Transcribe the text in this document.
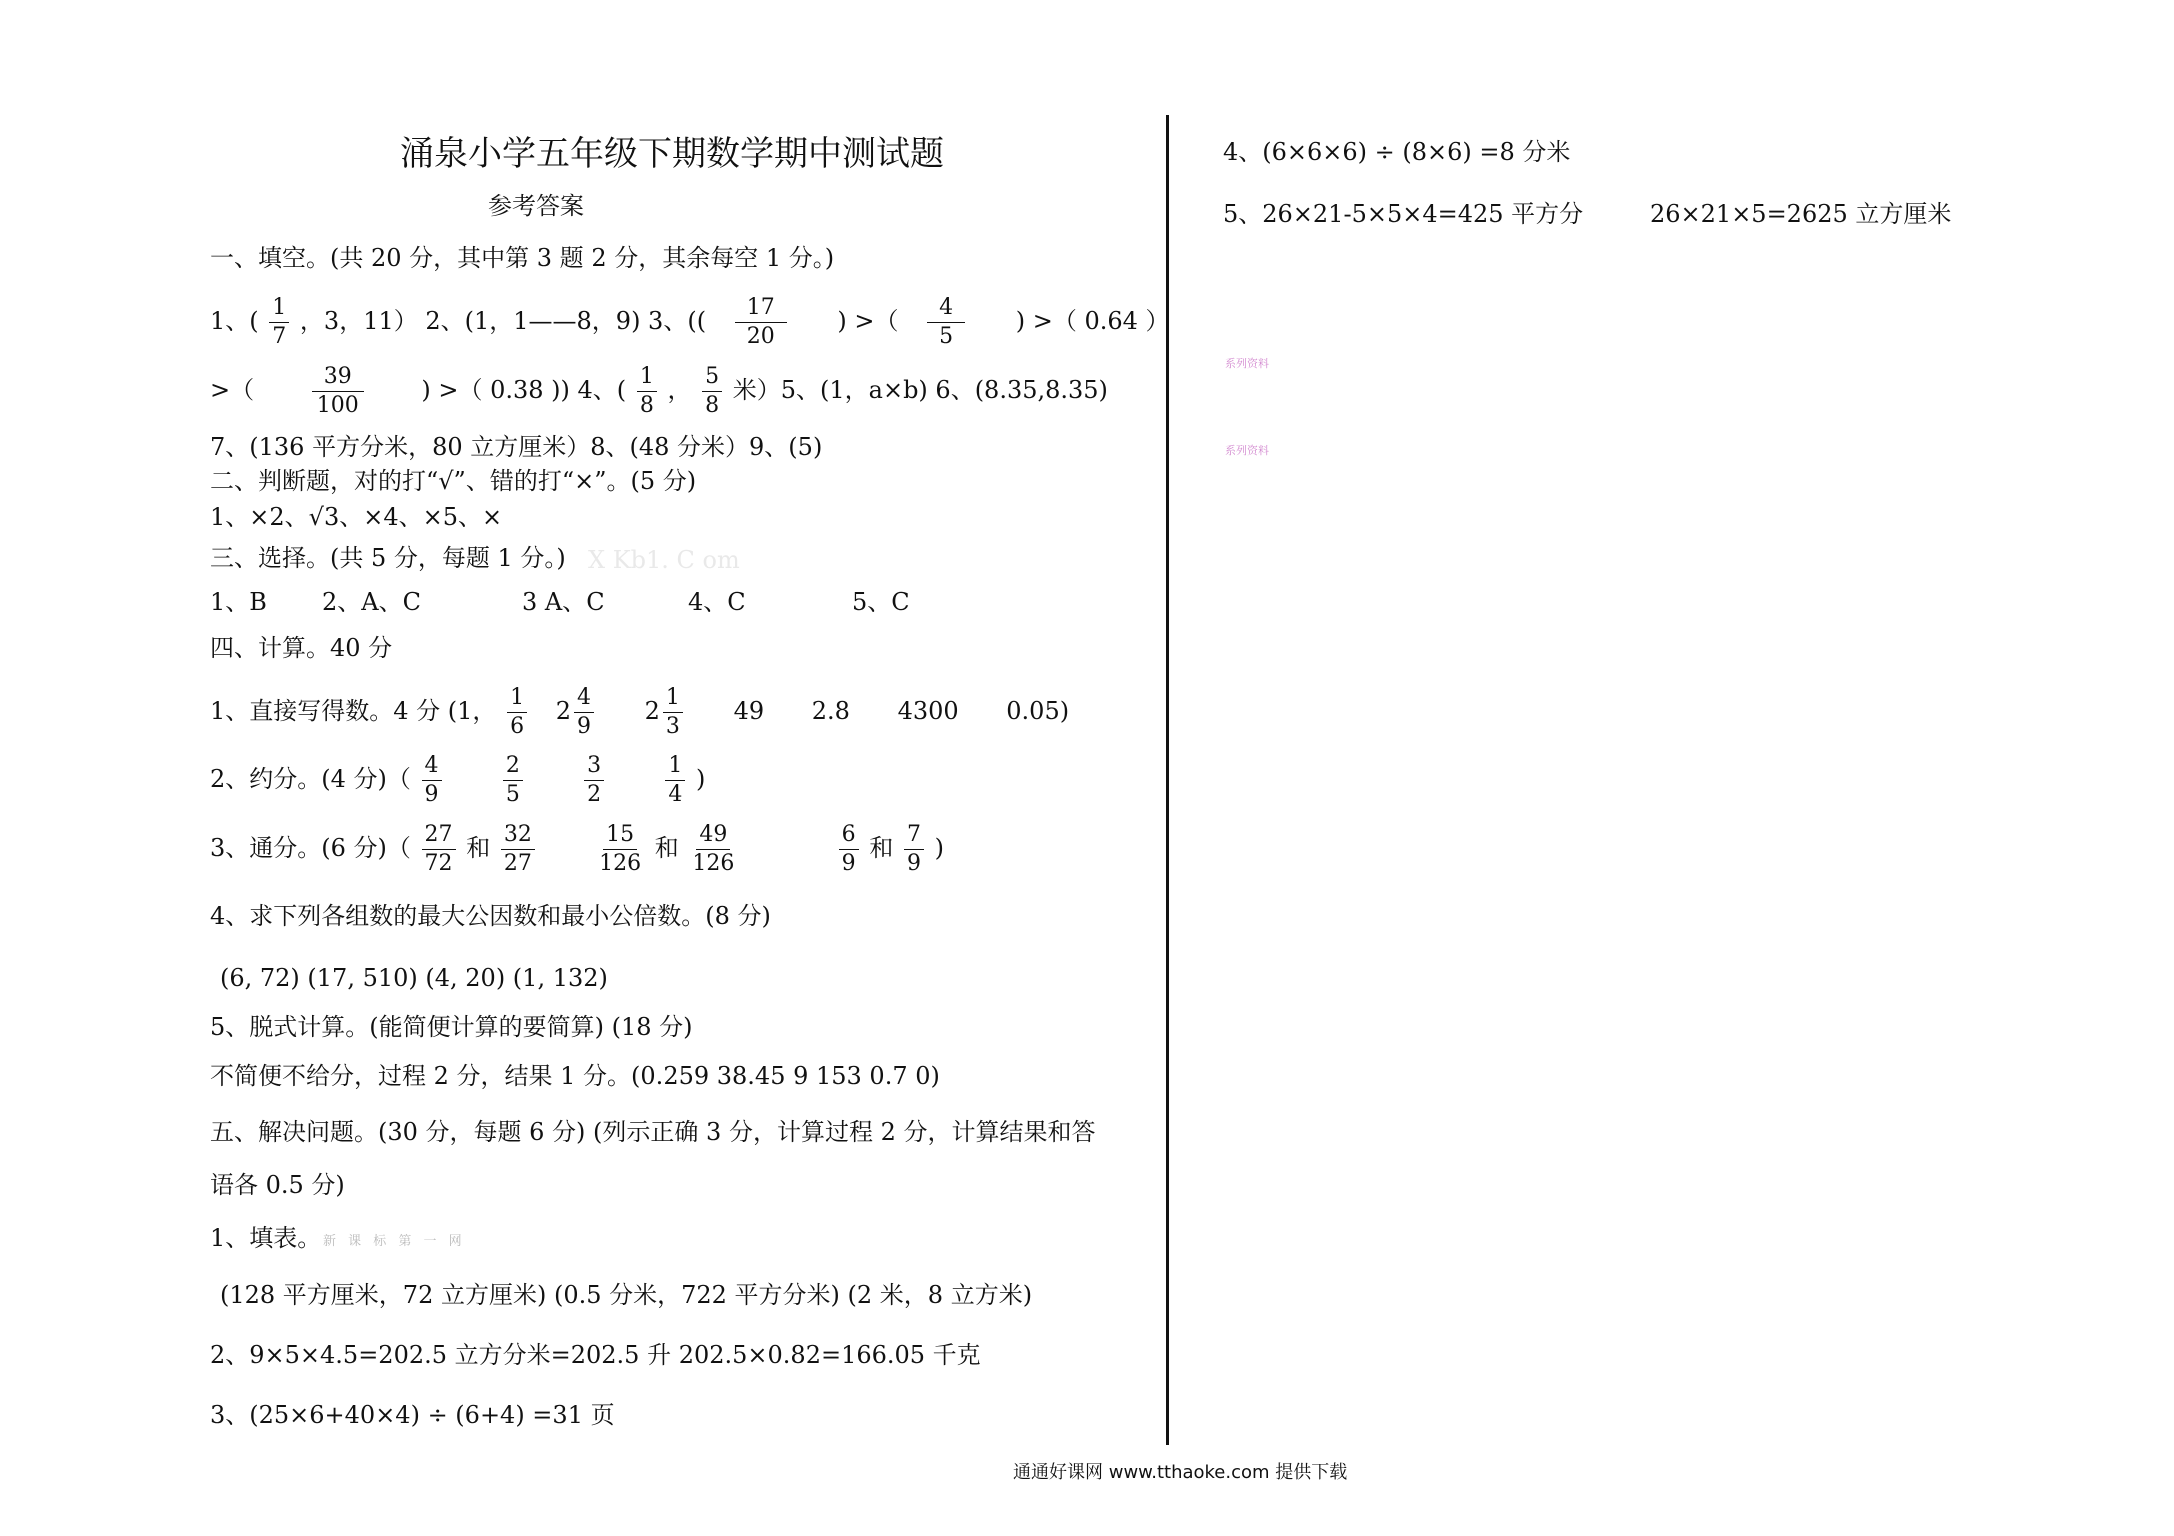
涌泉小学五年级下期数学期中测试题
参考答案
一、填空。(共 20 分，其中第 3 题 2 分，其余每空 1 分。)
1、( $\frac{1}{7}$ ，3，11） 2、(1，1——8，9) 3、(( $\frac{17}{20}$ ) >（ $\frac{4}{5}$ ) >（ 0.64 ）
>（ $\frac{39}{100}$ ) >（ 0.38 )) 4、( $\frac{1}{8}$ ， $\frac{5}{8}$ 米）5、(1，a×b) 6、(8.35,8.35)
7、(136 平方分米，80 立方厘米）8、(48 分米）9、(5)
二、判断题，对的打“√”、错的打“×”。(5 分)
1、×2、√3、×4、×5、×
三、选择。(共 5 分，每题 1 分。) X Kb1. C om
1、B 2、A、C	3 A、C	4、C	5、C
四、计算。40 分
1、直接写得数。4 分 (1， $\frac{1}{6} 2 \frac{4}{9} 2 \frac{1}{3} 49$ 2.8 4300 0.05)
2、约分。(4 分)（ $\frac{4}{9}$
	$\frac{2}{5}$
	$\frac{3}{2}$
	$\frac{1}{4}$ )
3、通分。(6 分)（ $\frac{27}{72}$ 和 $\frac{32}{27}$
	$\frac{15}{126}$ 和 $\frac{49}{126}$
	$\frac{6}{9}$ 和 $\frac{7}{9}$ )
4、求下列各组数的最大公因数和最小公倍数。(8 分)
(6, 72) (17, 510) (4, 20) (1, 132)
5、脱式计算。(能简便计算的要简算) (18 分)
不简便不给分，过程 2 分，结果 1 分。(0.259 38.45 9 153 0.7 0)
五、解决问题。(30 分，每题 6 分) (列示正确 3 分，计算过程 2 分，计算结果和答
语各 0.5 分)
1、填表。 新 课 标 第 一 网
(128 平方厘米，72 立方厘米) (0.5 分米，722 平方分米) (2 米，8 立方米)
2、9×5×4.5=202.5 立方分米=202.5 升 202.5×0.82=166.05 千克
3、(25×6+40×4) ÷ (6+4) =31 页
4、(6×6×6) ÷ (8×6) =8 分米
5、26×21-5×5×4=425 平方分	26×21×5=2625 立方厘米
系列资料
系列资料
通通好课网 www.tthaoke.com 提供下载
